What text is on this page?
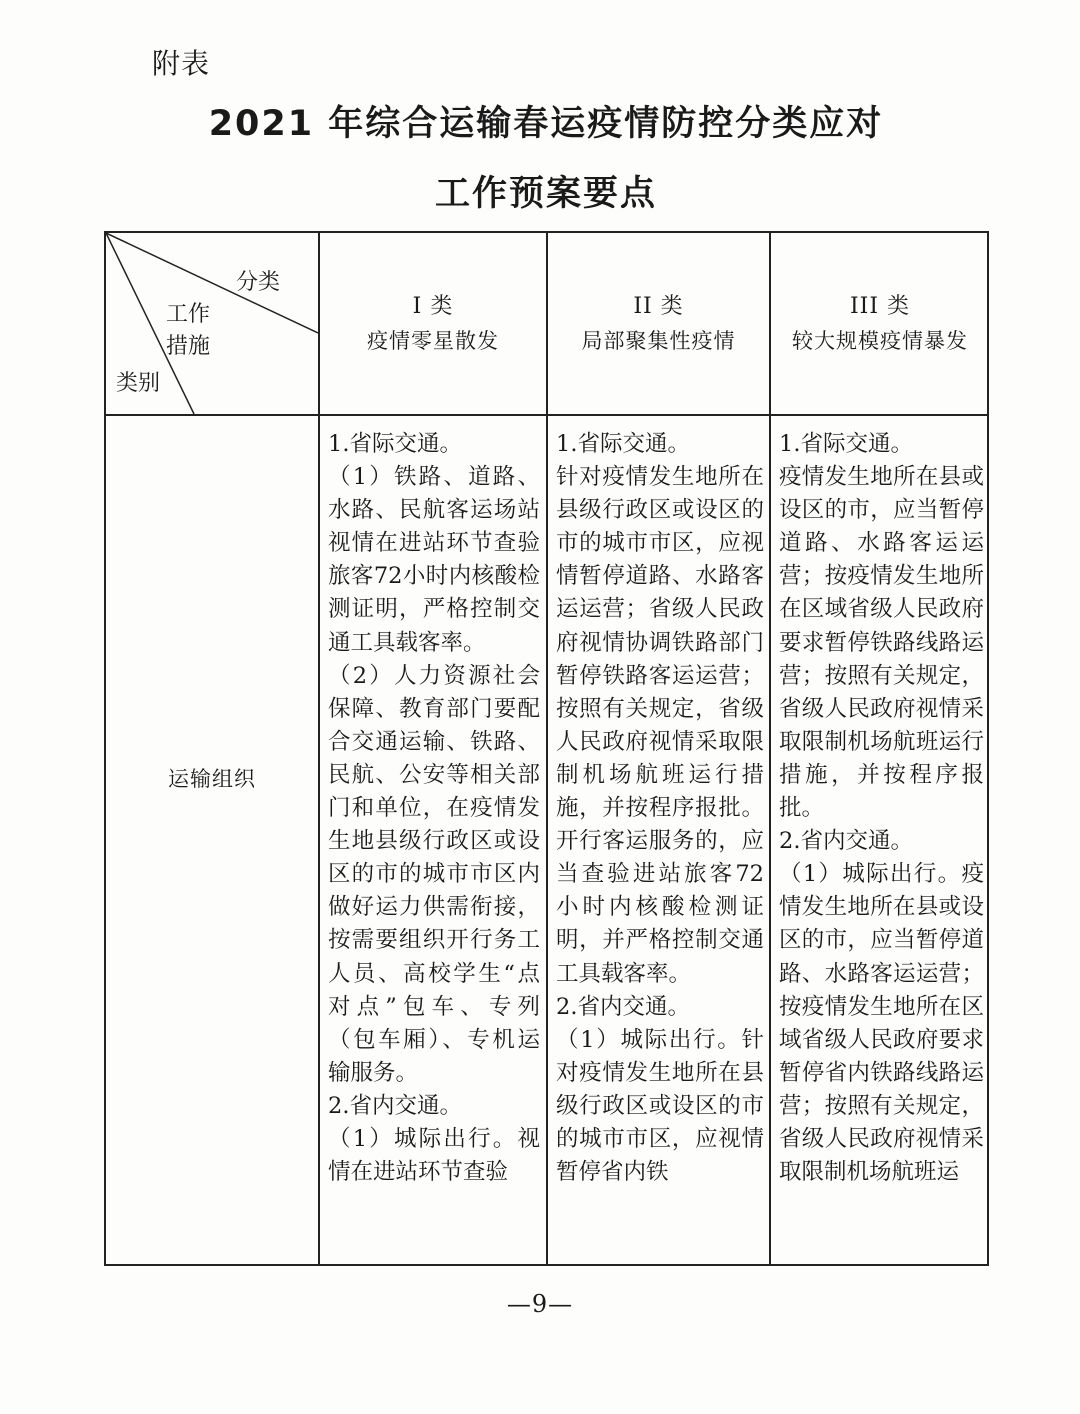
附表
2021 年综合运输春运疫情防控分类应对
工作预案要点
分类
工作措施
类别
I 类
疫情零星散发
II 类
局部聚集性疫情
III 类
较大规模疫情暴发
运输组织

1.省际交通。

（1）铁路、道路、水路、民航客运场站视情在进站环节查验旅客72小时内核酸检测证明，严格控制交通工具载客率。

（2）人力资源社会保障、教育部门要配合交通运输、铁路、民航、公安等相关部门和单位，在疫情发生地县级行政区或设区的市的城市市区内做好运力供需衔接，按需要组织开行务工人员、高校学生“点对点”包车、专列（包车厢）、专机运输服务。

2.省内交通。

（1）城际出行。视情在进站环节查验

1.省际交通。

针对疫情发生地所在县级行政区或设区的市的城市市区，应视情暂停道路、水路客运运营；省级人民政府视情协调铁路部门暂停铁路客运运营；按照有关规定，省级人民政府视情采取限制机场航班运行措施，并按程序报批。开行客运服务的，应当查验进站旅客72小时内核酸检测证明，并严格控制交通工具载客率。

2.省内交通。

（1）城际出行。针对疫情发生地所在县级行政区或设区的市的城市市区，应视情暂停省内铁

1.省际交通。

疫情发生地所在县或设区的市，应当暂停道路、水路客运运营；按疫情发生地所在区域省级人民政府要求暂停铁路线路运营；按照有关规定，省级人民政府视情采取限制机场航班运行措施，并按程序报批。

2.省内交通。

（1）城际出行。疫情发生地所在县或设区的市，应当暂停道路、水路客运运营；按疫情发生地所在区域省级人民政府要求暂停省内铁路线路运营；按照有关规定，省级人民政府视情采取限制机场航班运

—9—
